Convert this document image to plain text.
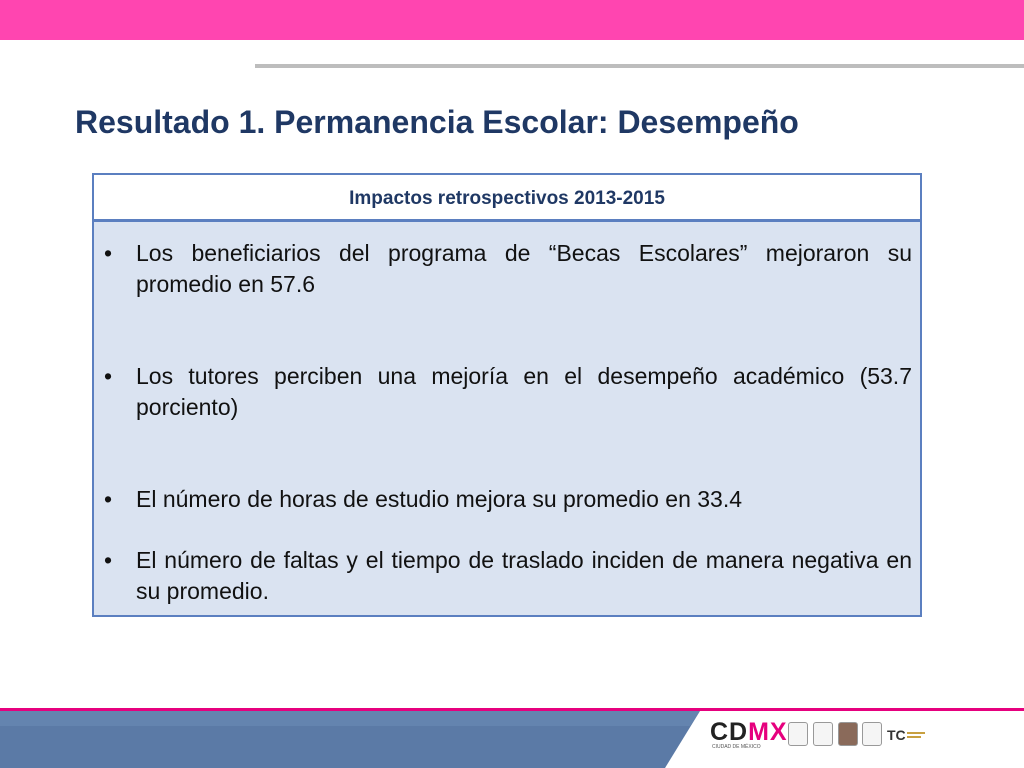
Resultado 1. Permanencia Escolar: Desempeño
Impactos retrospectivos 2013-2015
•	Los beneficiarios del programa de “Becas Escolares” mejoraron su promedio en 57.6
•	Los tutores perciben una mejoría en el desempeño académico (53.7 porciento)
•	El número de horas de estudio mejora su promedio en 33.4
•	El número de faltas y el tiempo de traslado inciden de manera negativa en su promedio.
CDMX
CIUDAD DE MÉXICO
TC
